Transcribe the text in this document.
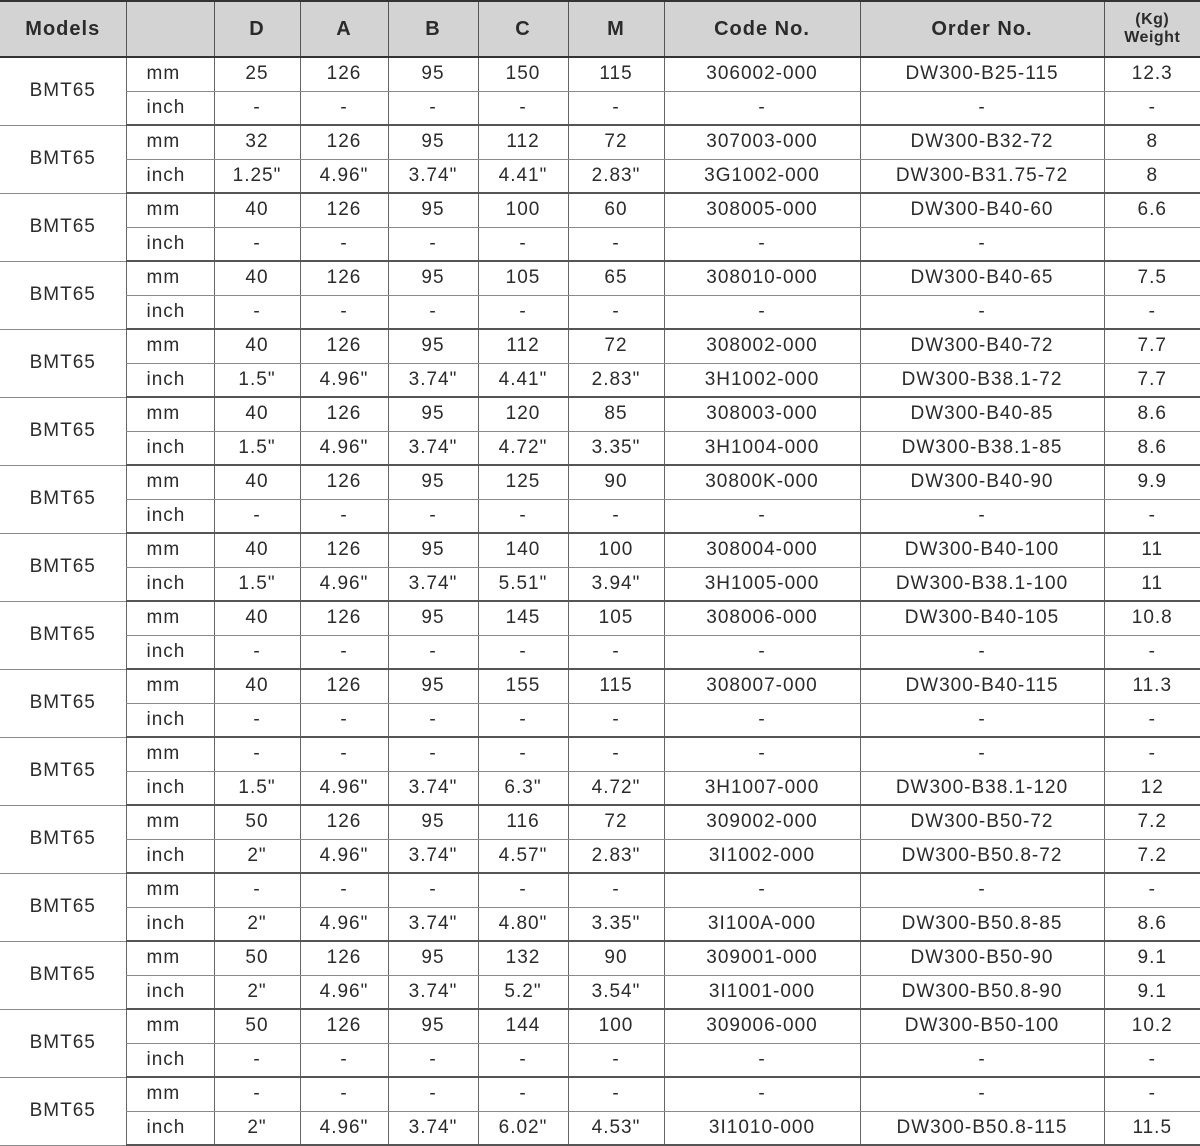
Models		D	A	B	C	M	Code No.	Order No.	(Kg)
Weight

BMT65	mm	25	126	95	150	115	306002-000	DW300-B25-115	12.3
	inch	-	-	-	-	-	-	-	-
BMT65	mm	32	126	95	112	72	307003-000	DW300-B32-72	8
	inch	1.25"	4.96"	3.74"	4.41"	2.83"	3G1002-000	DW300-B31.75-72	8
BMT65	mm	40	126	95	100	60	308005-000	DW300-B40-60	6.6
	inch	-	-	-	-	-	-	-	
BMT65	mm	40	126	95	105	65	308010-000	DW300-B40-65	7.5
	inch	-	-	-	-	-	-	-	-
BMT65	mm	40	126	95	112	72	308002-000	DW300-B40-72	7.7
	inch	1.5"	4.96"	3.74"	4.41"	2.83"	3H1002-000	DW300-B38.1-72	7.7
BMT65	mm	40	126	95	120	85	308003-000	DW300-B40-85	8.6
	inch	1.5"	4.96"	3.74"	4.72"	3.35"	3H1004-000	DW300-B38.1-85	8.6
BMT65	mm	40	126	95	125	90	30800K-000	DW300-B40-90	9.9
	inch	-	-	-	-	-	-	-	-
BMT65	mm	40	126	95	140	100	308004-000	DW300-B40-100	11
	inch	1.5"	4.96"	3.74"	5.51"	3.94"	3H1005-000	DW300-B38.1-100	11
BMT65	mm	40	126	95	145	105	308006-000	DW300-B40-105	10.8
	inch	-	-	-	-	-	-	-	-
BMT65	mm	40	126	95	155	115	308007-000	DW300-B40-115	11.3
	inch	-	-	-	-	-	-	-	-
BMT65	mm	-	-	-	-	-	-	-	-
	inch	1.5"	4.96"	3.74"	6.3"	4.72"	3H1007-000	DW300-B38.1-120	12
BMT65	mm	50	126	95	116	72	309002-000	DW300-B50-72	7.2
	inch	2"	4.96"	3.74"	4.57"	2.83"	3I1002-000	DW300-B50.8-72	7.2
BMT65	mm	-	-	-	-	-	-	-	-
	inch	2"	4.96"	3.74"	4.80"	3.35"	3I100A-000	DW300-B50.8-85	8.6
BMT65	mm	50	126	95	132	90	309001-000	DW300-B50-90	9.1
	inch	2"	4.96"	3.74"	5.2"	3.54"	3I1001-000	DW300-B50.8-90	9.1
BMT65	mm	50	126	95	144	100	309006-000	DW300-B50-100	10.2
	inch	-	-	-	-	-	-	-	-
BMT65	mm	-	-	-	-	-	-	-	-
	inch	2"	4.96"	3.74"	6.02"	4.53"	3I1010-000	DW300-B50.8-115	11.5
